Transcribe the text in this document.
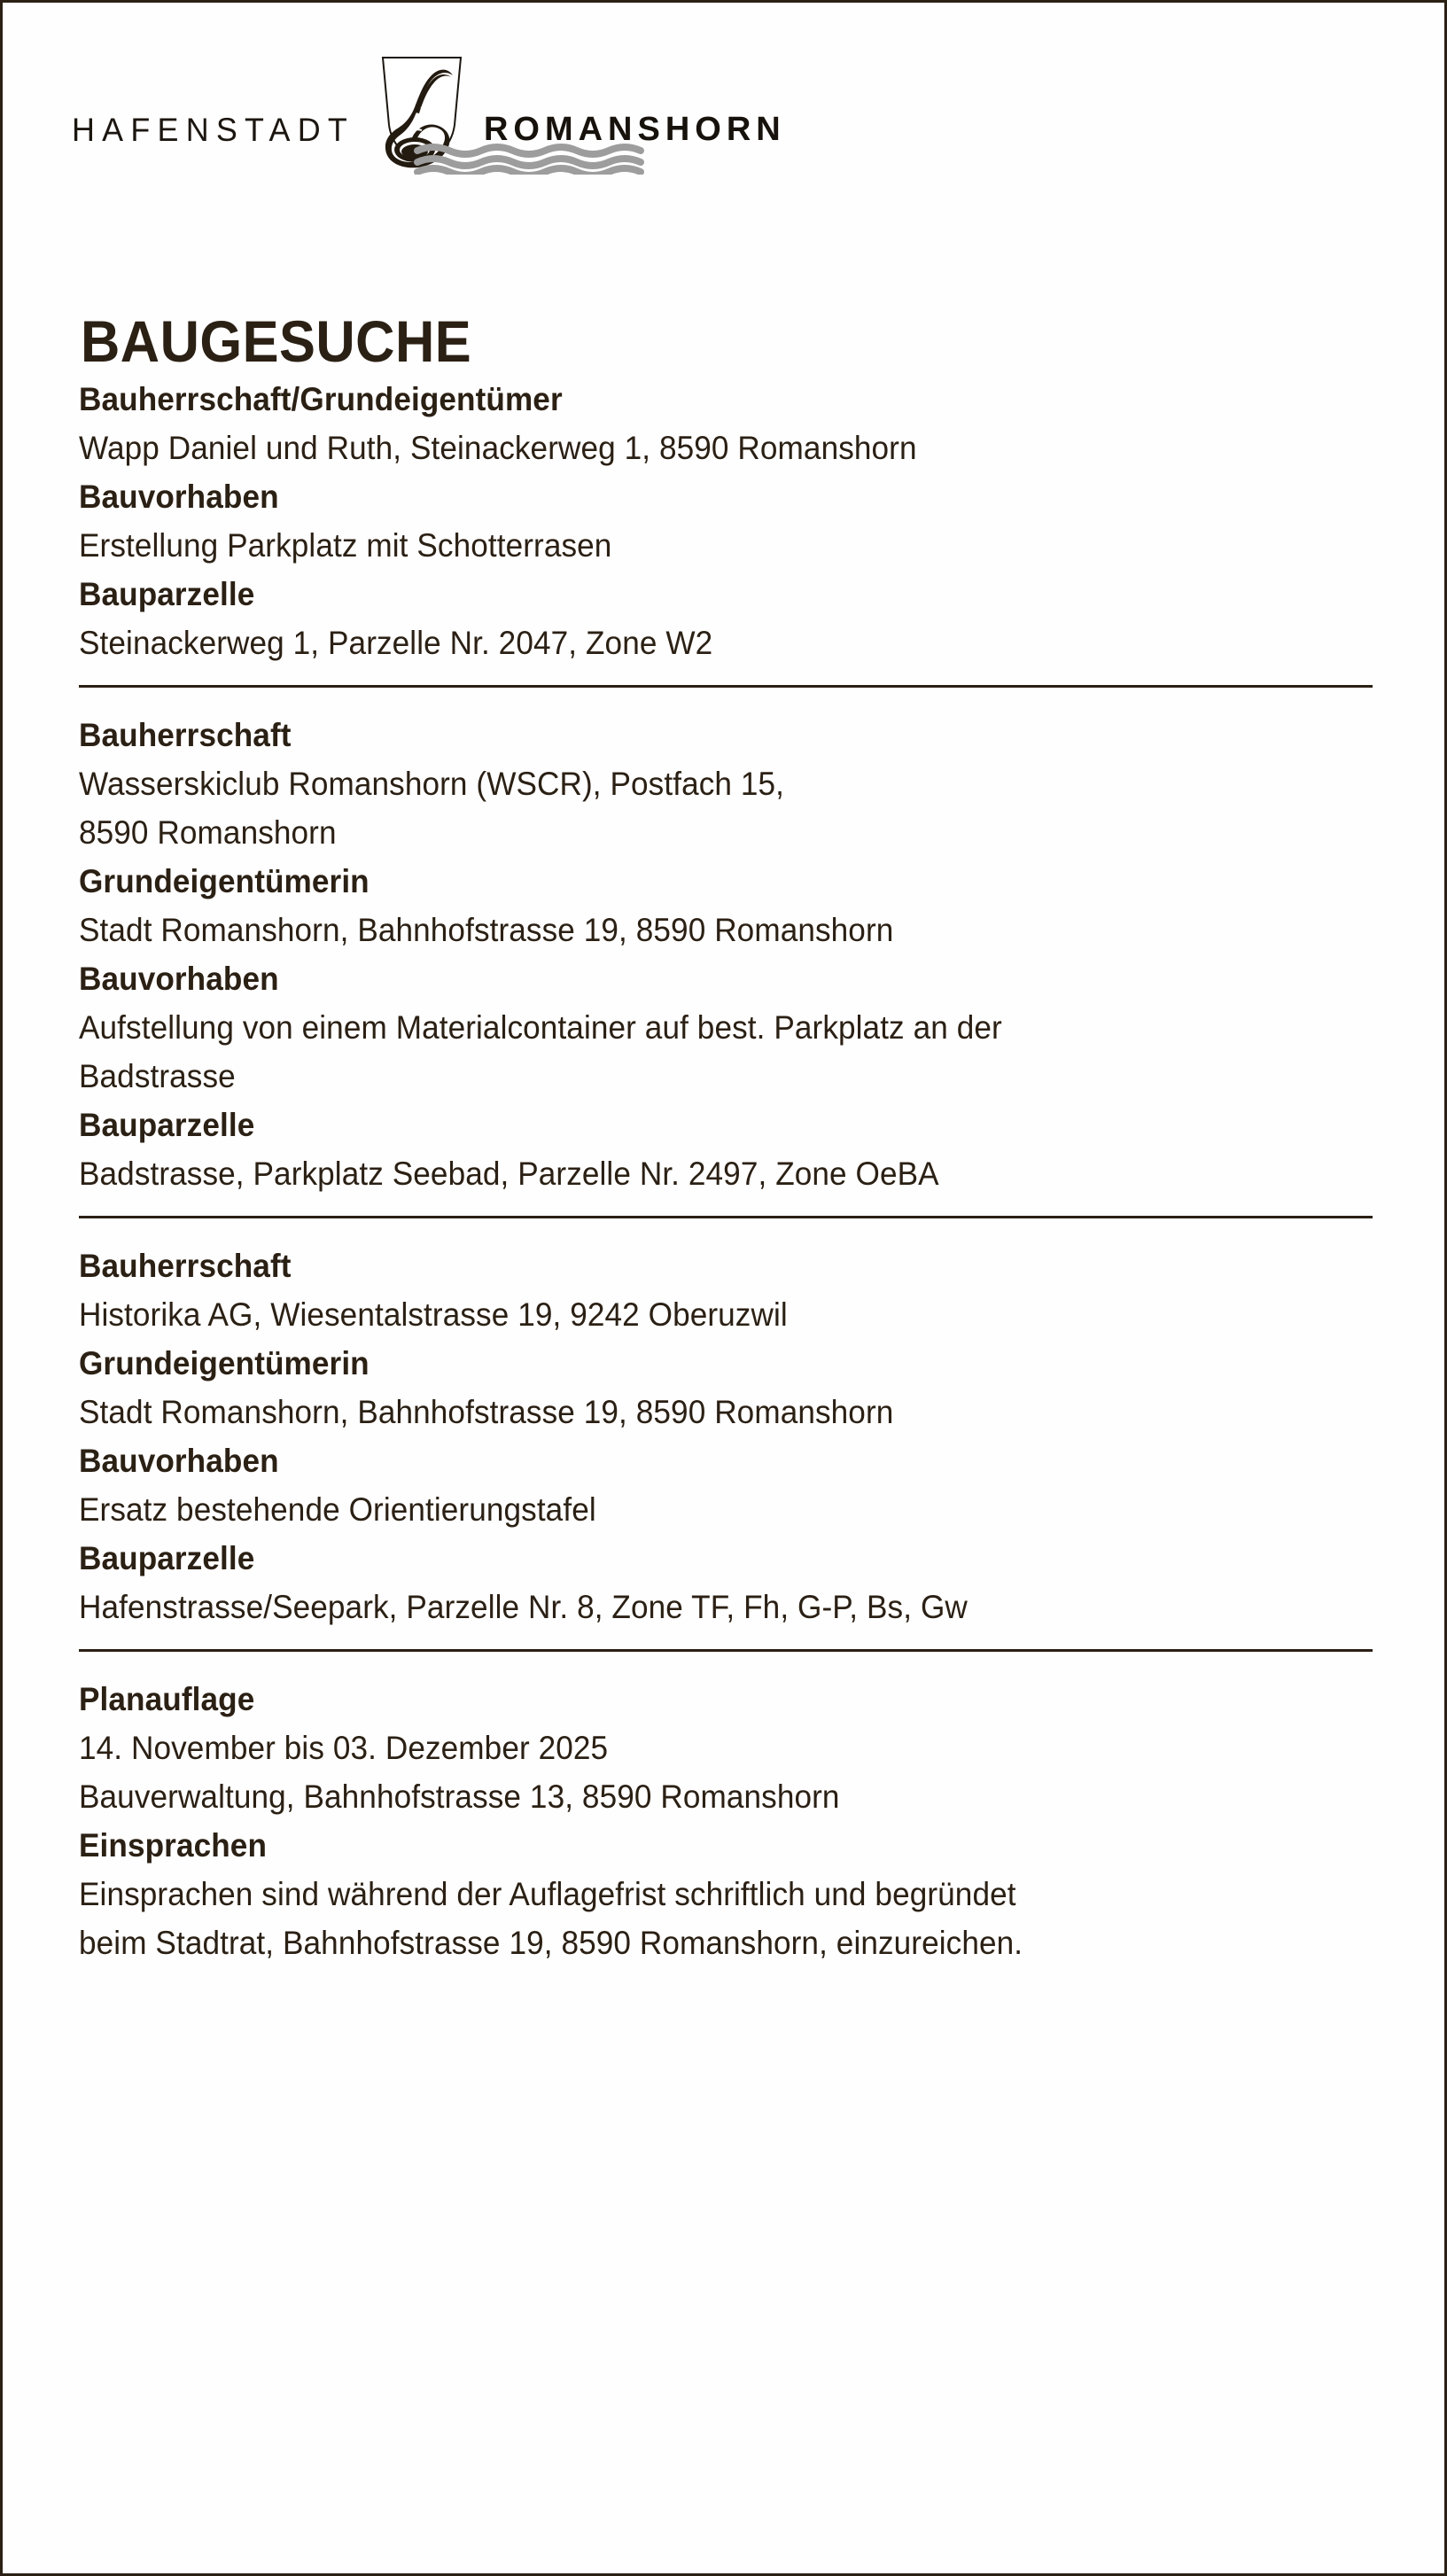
HAFENSTADT	ROMANSHORN
BAUGESUCHE
Bauherrschaft/Grundeigentümer
Wapp Daniel und Ruth, Steinackerweg 1, 8590 Romanshorn
Bauvorhaben
Erstellung Parkplatz mit Schotterrasen
Bauparzelle
Steinackerweg 1, Parzelle Nr. 2047, Zone W2
Bauherrschaft
Wasserskiclub Romanshorn (WSCR), Postfach 15,
8590 Romanshorn
Grundeigentümerin
Stadt Romanshorn, Bahnhofstrasse 19, 8590 Romanshorn
Bauvorhaben
Aufstellung von einem Materialcontainer auf best. Parkplatz an der
Badstrasse
Bauparzelle
Badstrasse, Parkplatz Seebad, Parzelle Nr. 2497, Zone OeBA
Bauherrschaft
Historika AG, Wiesentalstrasse 19, 9242 Oberuzwil
Grundeigentümerin
Stadt Romanshorn, Bahnhofstrasse 19, 8590 Romanshorn
Bauvorhaben
Ersatz bestehende Orientierungstafel
Bauparzelle
Hafenstrasse/Seepark, Parzelle Nr. 8, Zone TF, Fh, G-P, Bs, Gw
Planauflage
14. November bis 03. Dezember 2025
Bauverwaltung, Bahnhofstrasse 13, 8590 Romanshorn
Einsprachen
Einsprachen sind während der Auflagefrist schriftlich und begründet
beim Stadtrat, Bahnhofstrasse 19, 8590 Romanshorn, einzureichen.
